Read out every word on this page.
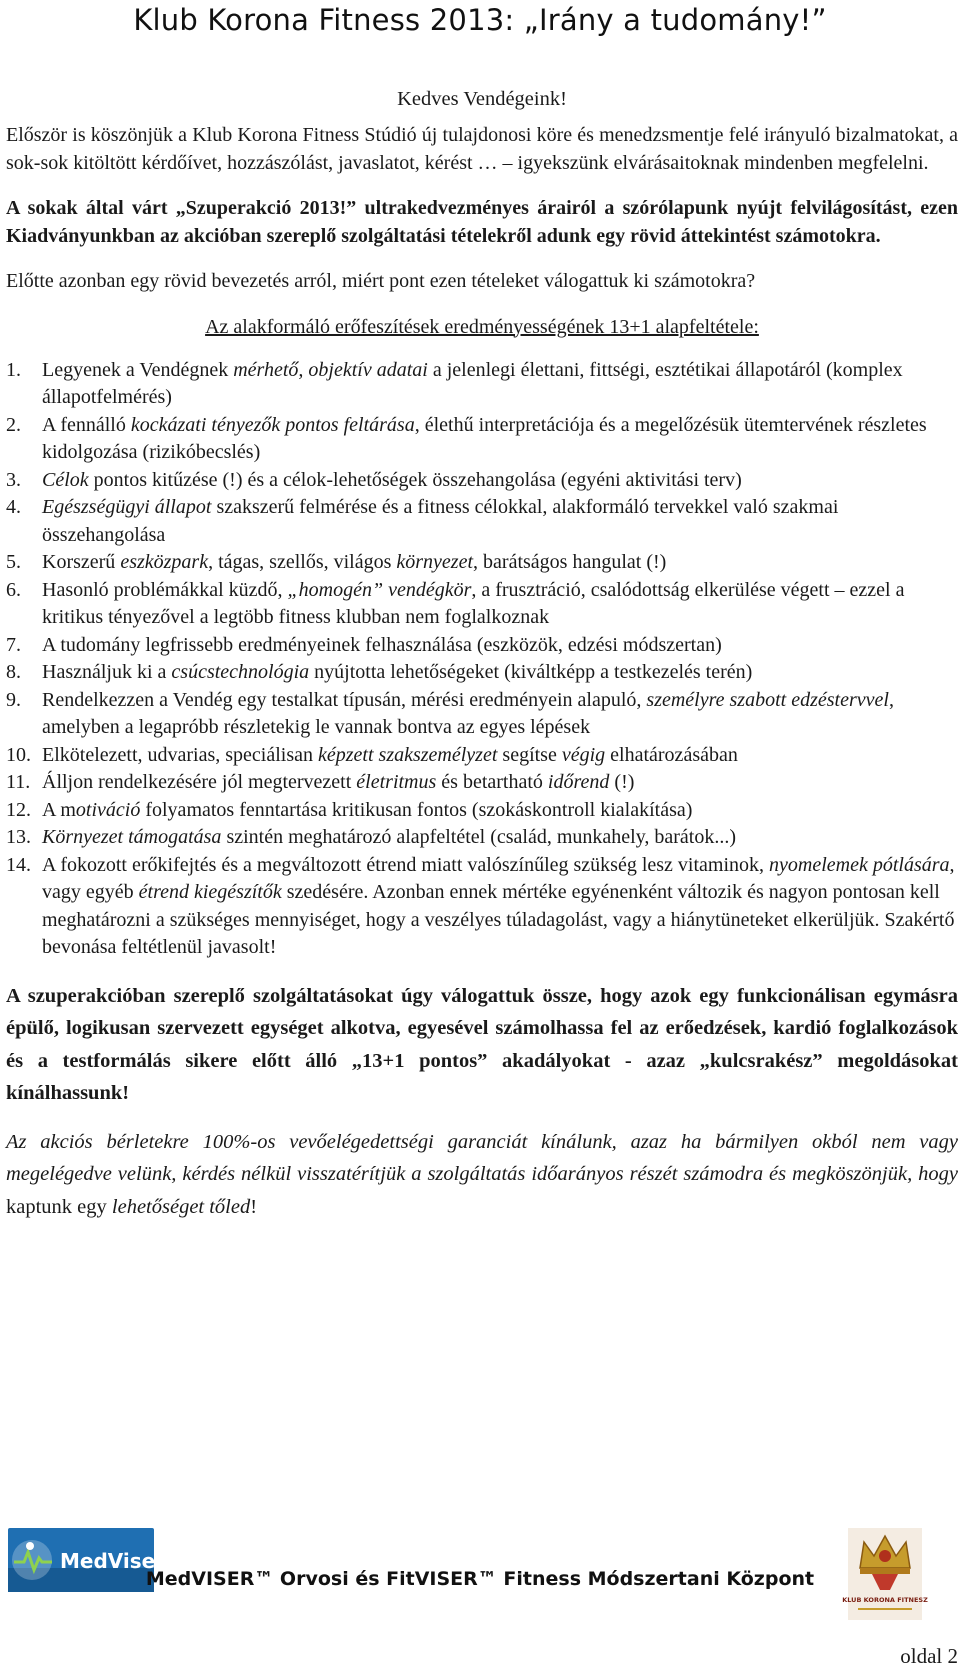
Klub Korona Fitness 2013: „Irány a tudomány!”

Kedves Vendégeink!

Először is köszönjük a Klub Korona Fitness Stúdió új tulajdonosi köre és menedzsmentje felé irányuló bizalmatokat, a sok-sok kitöltött kérdőívet, hozzászólást, javaslatot, kérést … – igyekszünk elvárásaitoknak mindenben megfelelni.

A sokak által várt „Szuperakció 2013!” ultrakedvezményes árairól a szórólapunk nyújt felvilágosítást, ezen Kiadványunkban az akcióban szereplő szolgáltatási tételekről adunk egy rövid áttekintést számotokra.

Előtte azonban egy rövid bevezetés arról, miért pont ezen tételeket válogattuk ki számotokra?

Az alakformáló erőfeszítések eredményességének 13+1 alapfeltétele:

1. Legyenek a Vendégnek mérhető, objektív adatai a jelenlegi élettani, fittségi, esztétikai állapotáról (komplex állapotfelmérés)
2. A fennálló kockázati tényezők pontos feltárása, élethű interpretációja és a megelőzésük ütemtervének részletes kidolgozása (rizikóbecslés)
3. Célok pontos kitűzése (!) és a célok-lehetőségek összehangolása (egyéni aktivitási terv)
4. Egészségügyi állapot szakszerű felmérése és a fitness célokkal, alakformáló tervekkel való szakmai összehangolása
5. Korszerű eszközpark, tágas, szellős, világos környezet, barátságos hangulat (!)
6. Hasonló problémákkal küzdő, „homogén” vendégkör, a frusztráció, csalódottság elkerülése végett – ezzel a kritikus tényezővel a legtöbb fitness klubban nem foglalkoznak
7. A tudomány legfrissebb eredményeinek felhasználása (eszközök, edzési módszertan)
8. Használjuk ki a csúcstechnológia nyújtotta lehetőségeket (kiváltképp a testkezelés terén)
9. Rendelkezzen a Vendég egy testalkat típusán, mérési eredményein alapuló, személyre szabott edzéstervvel, amelyben a legapróbb részletekig le vannak bontva az egyes lépések
10. Elkötelezett, udvarias, speciálisan képzett szakszemélyzet segítse végig elhatározásában
11. Álljon rendelkezésére jól megtervezett életritmus és betartható időrend (!)
12. A motiváció folyamatos fenntartása kritikusan fontos (szokáskontroll kialakítása)
13. Környezet támogatása szintén meghatározó alapfeltétel (család, munkahely, barátok...)
14. A fokozott erőkifejtés és a megváltozott étrend miatt valószínűleg szükség lesz vitaminok, nyomelemek pótlására, vagy egyéb étrend kiegészítők szedésére. Azonban ennek mértéke egyénenként változik és nagyon pontosan kell meghatározni a szükséges mennyiséget, hogy a veszélyes túladagolást, vagy a hiánytüneteket elkerüljük. Szakértő bevonása feltétlenül javasolt!

A szuperakcióban szereplő szolgáltatásokat úgy válogattuk össze, hogy azok egy funkcionálisan egymásra épülő, logikusan szervezett egységet alkotva, egyesével számolhassa fel az erőedzések, kardió foglalkozások és a testformálás sikere előtt álló „13+1 pontos” akadályokat - azaz „kulcsrakész” megoldásokat kínálhassunk!

Az akciós bérletekre 100%-os vevőelégedettségi garanciát kínálunk, azaz ha bármilyen okból nem vagy megelégedve velünk, kérdés nélkül visszatérítjük a szolgáltatás időarányos részét számodra és megköszönjük, hogy kaptunk egy lehetőséget tőled!

MedViser
MedVISER™ Orvosi és FitVISER™ Fitness Módszertani Központ
KLUB KORONA FITNESZ
oldal 2
